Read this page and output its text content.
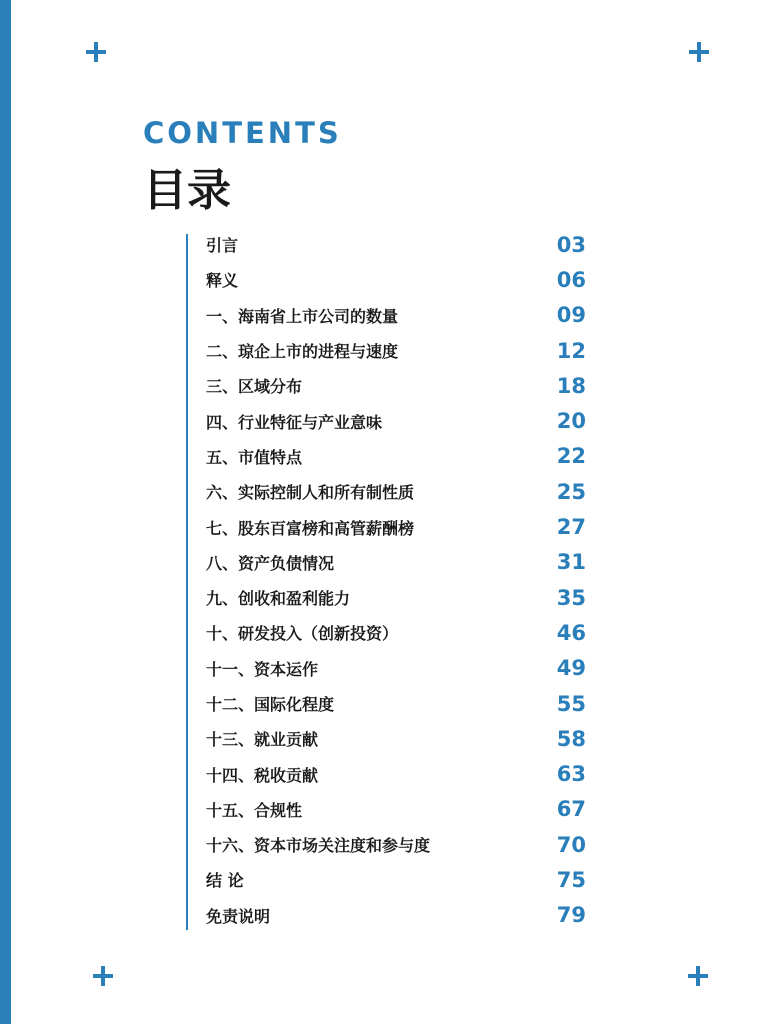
CONTENTS
目录
引言	03
释义	06
一、海南省上市公司的数量	09
二、琼企上市的进程与速度	12
三、区域分布	18
四、行业特征与产业意味	20
五、市值特点	22
六、实际控制人和所有制性质	25
七、股东百富榜和高管薪酬榜	27
八、资产负债情况	31
九、创收和盈利能力	35
十、研发投入（创新投资）	46
十一、资本运作	49
十二、国际化程度	55
十三、就业贡献	58
十四、税收贡献	63
十五、合规性	67
十六、资本市场关注度和参与度	70
结 论	75
免责说明	79
